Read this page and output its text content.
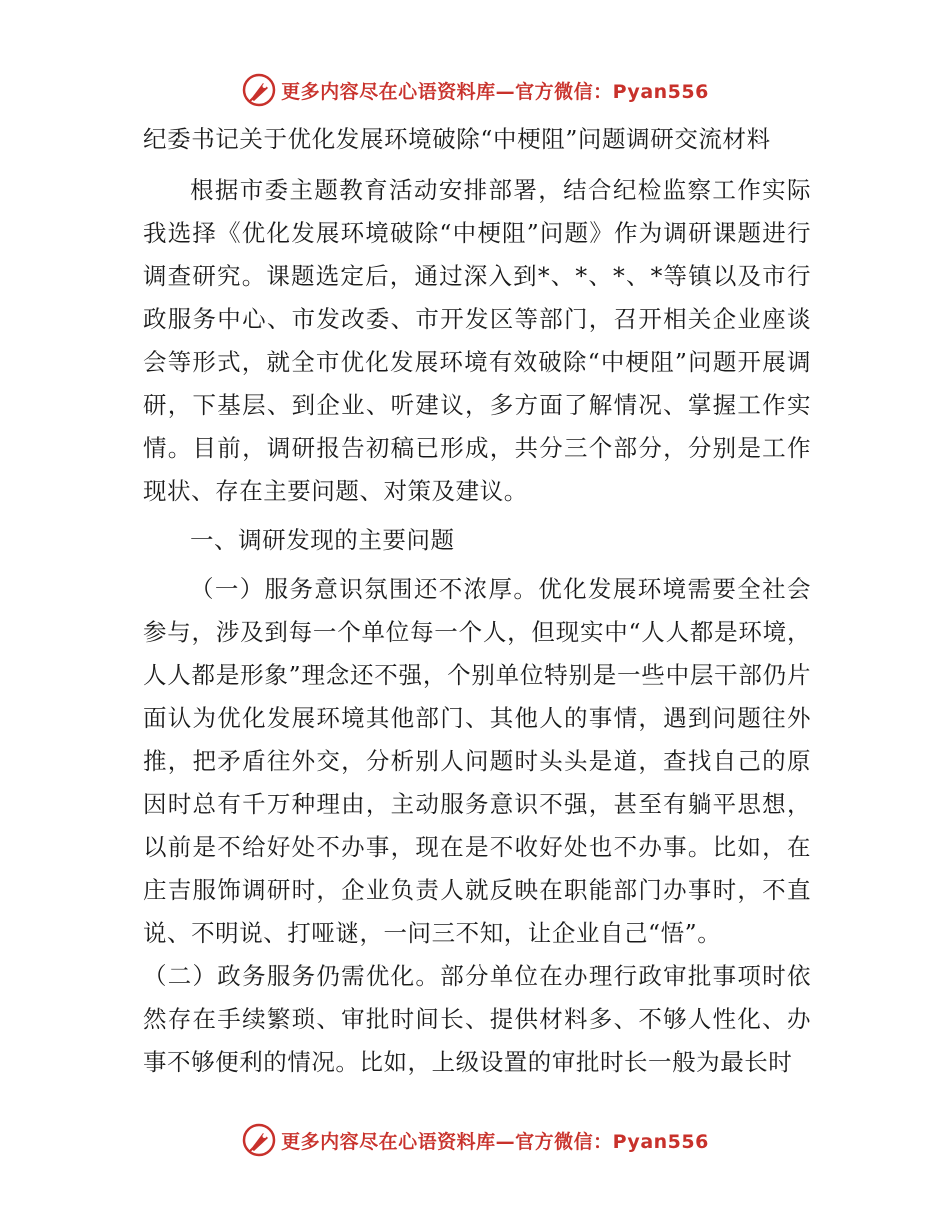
更多内容尽在心语资料库—官方微信：Pyan556
纪委书记关于优化发展环境破除“中梗阻”问题调研交流材料

根据市委主题教育活动安排部署，结合纪检监察工作实际我选择《优化发展环境破除“中梗阻”问题》作为调研课题进行调查研究。课题选定后，通过深入到*、*、*、*等镇以及市行政服务中心、市发改委、市开发区等部门，召开相关企业座谈会等形式，就全市优化发展环境有效破除“中梗阻”问题开展调研，下基层、到企业、听建议，多方面了解情况、掌握工作实情。目前，调研报告初稿已形成，共分三个部分，分别是工作现状、存在主要问题、对策及建议。

一、调研发现的主要问题

（一）服务意识氛围还不浓厚。优化发展环境需要全社会参与，涉及到每一个单位每一个人，但现实中“人人都是环境，人人都是形象”理念还不强，个别单位特别是一些中层干部仍片面认为优化发展环境其他部门、其他人的事情，遇到问题往外推，把矛盾往外交，分析别人问题时头头是道，查找自己的原因时总有千万种理由，主动服务意识不强，甚至有躺平思想，以前是不给好处不办事，现在是不收好处也不办事。比如，在庄吉服饰调研时，企业负责人就反映在职能部门办事时，不直说、不明说、打哑谜，一问三不知，让企业自己“悟”。

（二）政务服务仍需优化。部分单位在办理行政审批事项时依然存在手续繁琐、审批时间长、提供材料多、不够人性化、办事不够便利的情况。比如，上级设置的审批时长一般为最长时

更多内容尽在心语资料库—官方微信：Pyan556
